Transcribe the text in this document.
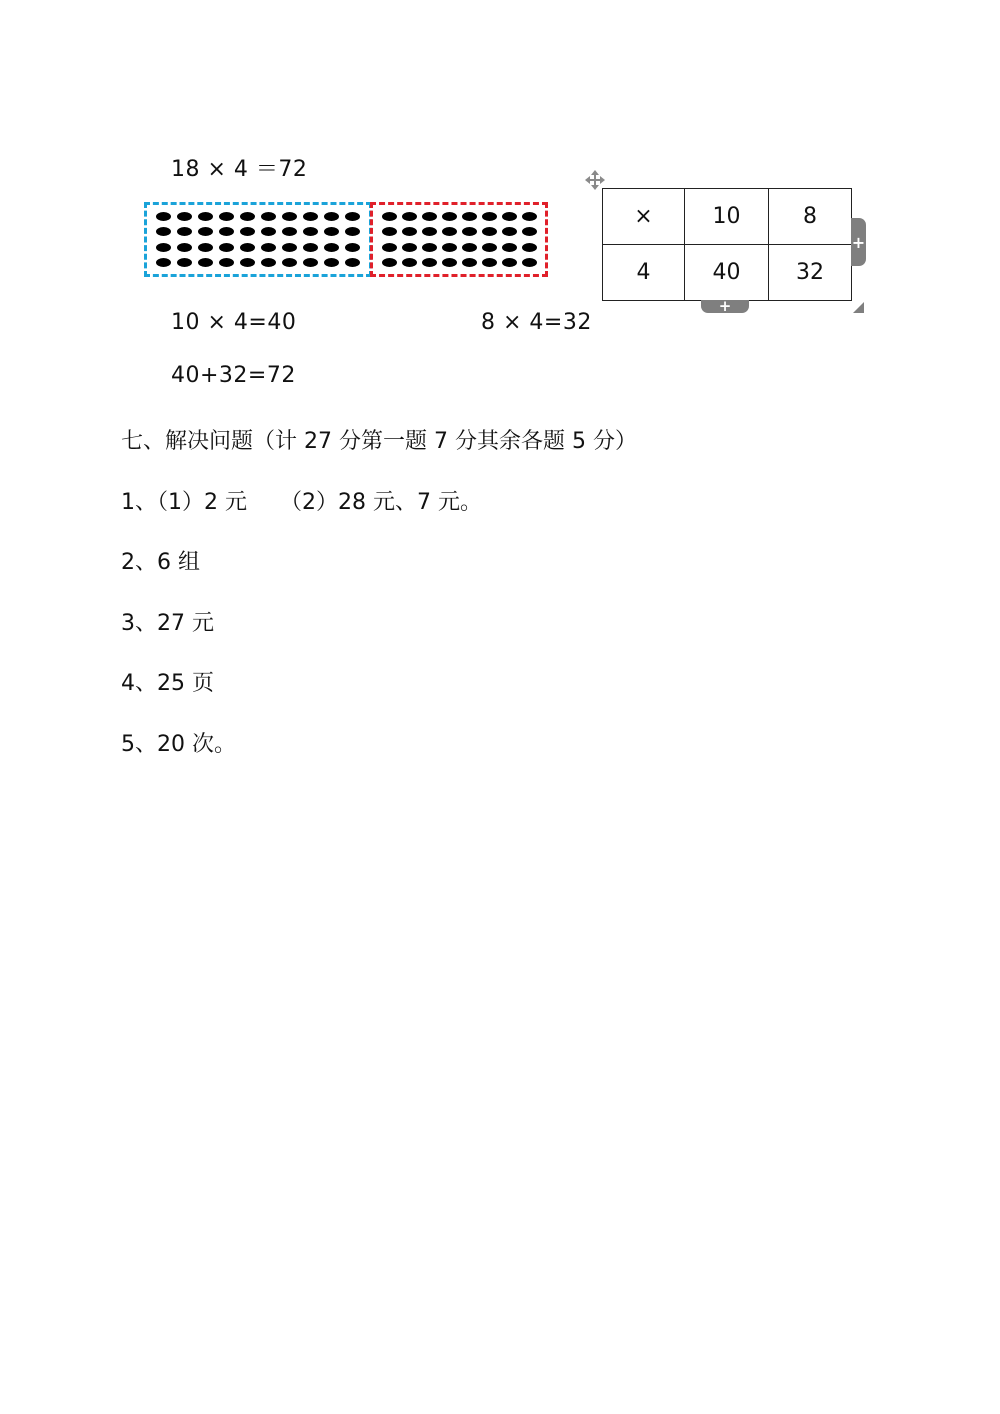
18 × 4 ＝72
10 × 4=40	8 × 4=32
40+32=72
×	10	8
4	40	32
+
+
七、解决问题（计 27 分第一题 7 分其余各题 5 分）
1、（1）2 元　　（2）28 元、7 元。
2、6 组
3、27 元
4、25 页
5、20 次。
